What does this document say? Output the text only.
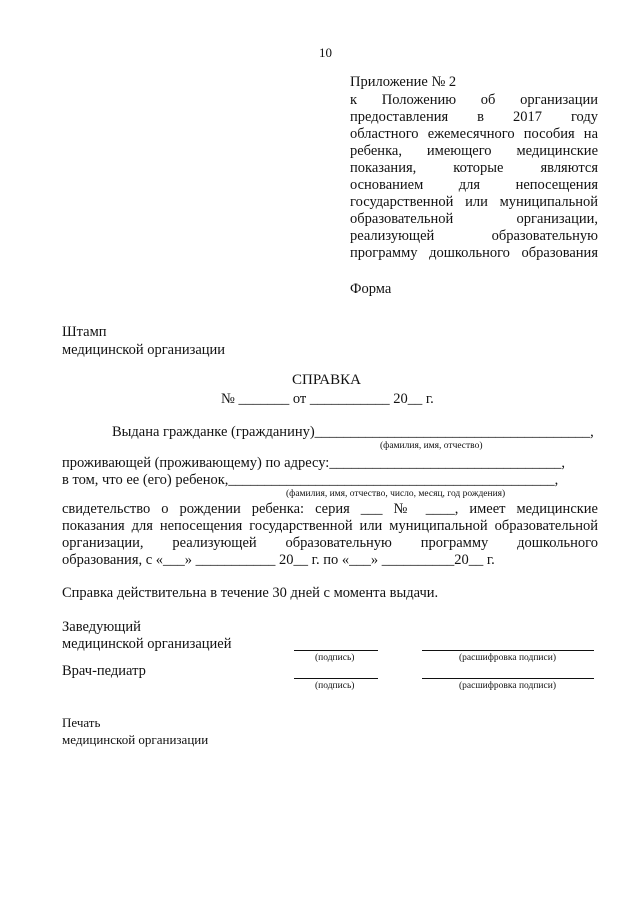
10
Приложение № 2
к Положению об организации
предоставления в 2017 году
областного ежемесячного пособия на
ребенка, имеющего медицинские
показания, которые являются
основанием для непосещения
государственной или муниципальной
образовательной организации,
реализующей образовательную
программу дошкольного образования
Форма
Штамп
медицинской организации
СПРАВКА
№ _______ от ___________ 20__ г.
Выдана гражданке (гражданину)______________________________________,
(фамилия, имя, отчество)
проживающей (проживающему) по адресу:________________________________,
в том, что ее (его) ребенок,_____________________________________________,
(фамилия, имя, отчество, число, месяц, год рождения)
свидетельство о рождении ребенка: серия ___ № ____, имеет медицинские
показания для непосещения государственной или муниципальной образовательной
организации, реализующей образовательную программу дошкольного
образования, с «___» ___________ 20__ г. по «___» __________20__ г.
Справка действительна в течение 30 дней с момента выдачи.
Заведующий
медицинской организацией
(подпись)	(расшифровка подписи)
Врач-педиатр
(подпись)	(расшифровка подписи)
Печать
медицинской организации
